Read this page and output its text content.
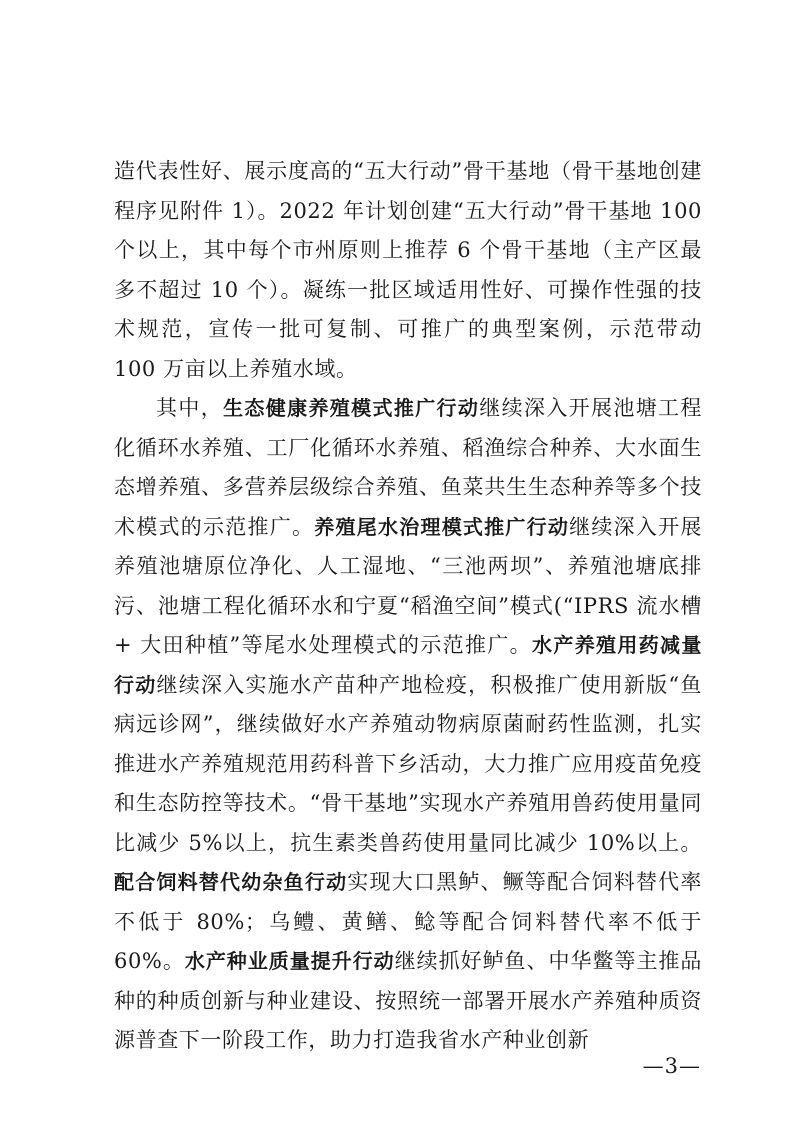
造代表性好、展示度高的“五大行动”骨干基地（骨干基地创建程序见附件 1）。2022 年计划创建“五大行动”骨干基地 100 个以上，其中每个市州原则上推荐 6 个骨干基地（主产区最多不超过 10 个）。凝练一批区域适用性好、可操作性强的技术规范，宣传一批可复制、可推广的典型案例，示范带动 100 万亩以上养殖水域。

其中，生态健康养殖模式推广行动继续深入开展池塘工程化循环水养殖、工厂化循环水养殖、稻渔综合种养、大水面生态增养殖、多营养层级综合养殖、鱼菜共生生态种养等多个技术模式的示范推广。养殖尾水治理模式推广行动继续深入开展养殖池塘原位净化、人工湿地、“三池两坝”、养殖池塘底排污、池塘工程化循环水和宁夏“稻渔空间”模式(“IPRS 流水槽 + 大田种植”等尾水处理模式的示范推广。水产养殖用药减量行动继续深入实施水产苗种产地检疫，积极推广使用新版“鱼病远诊网”，继续做好水产养殖动物病原菌耐药性监测，扎实推进水产养殖规范用药科普下乡活动，大力推广应用疫苗免疫和生态防控等技术。“骨干基地”实现水产养殖用兽药使用量同比减少 5%以上，抗生素类兽药使用量同比减少 10%以上。配合饲料替代幼杂鱼行动实现大口黑鲈、鳜等配合饲料替代率不低于 80%；乌鳢、黄鳝、鲶等配合饲料替代率不低于 60%。水产种业质量提升行动继续抓好鲈鱼、中华鳖等主推品种的种质创新与种业建设、按照统一部署开展水产养殖种质资源普查下一阶段工作，助力打造我省水产种业创新

—3—
